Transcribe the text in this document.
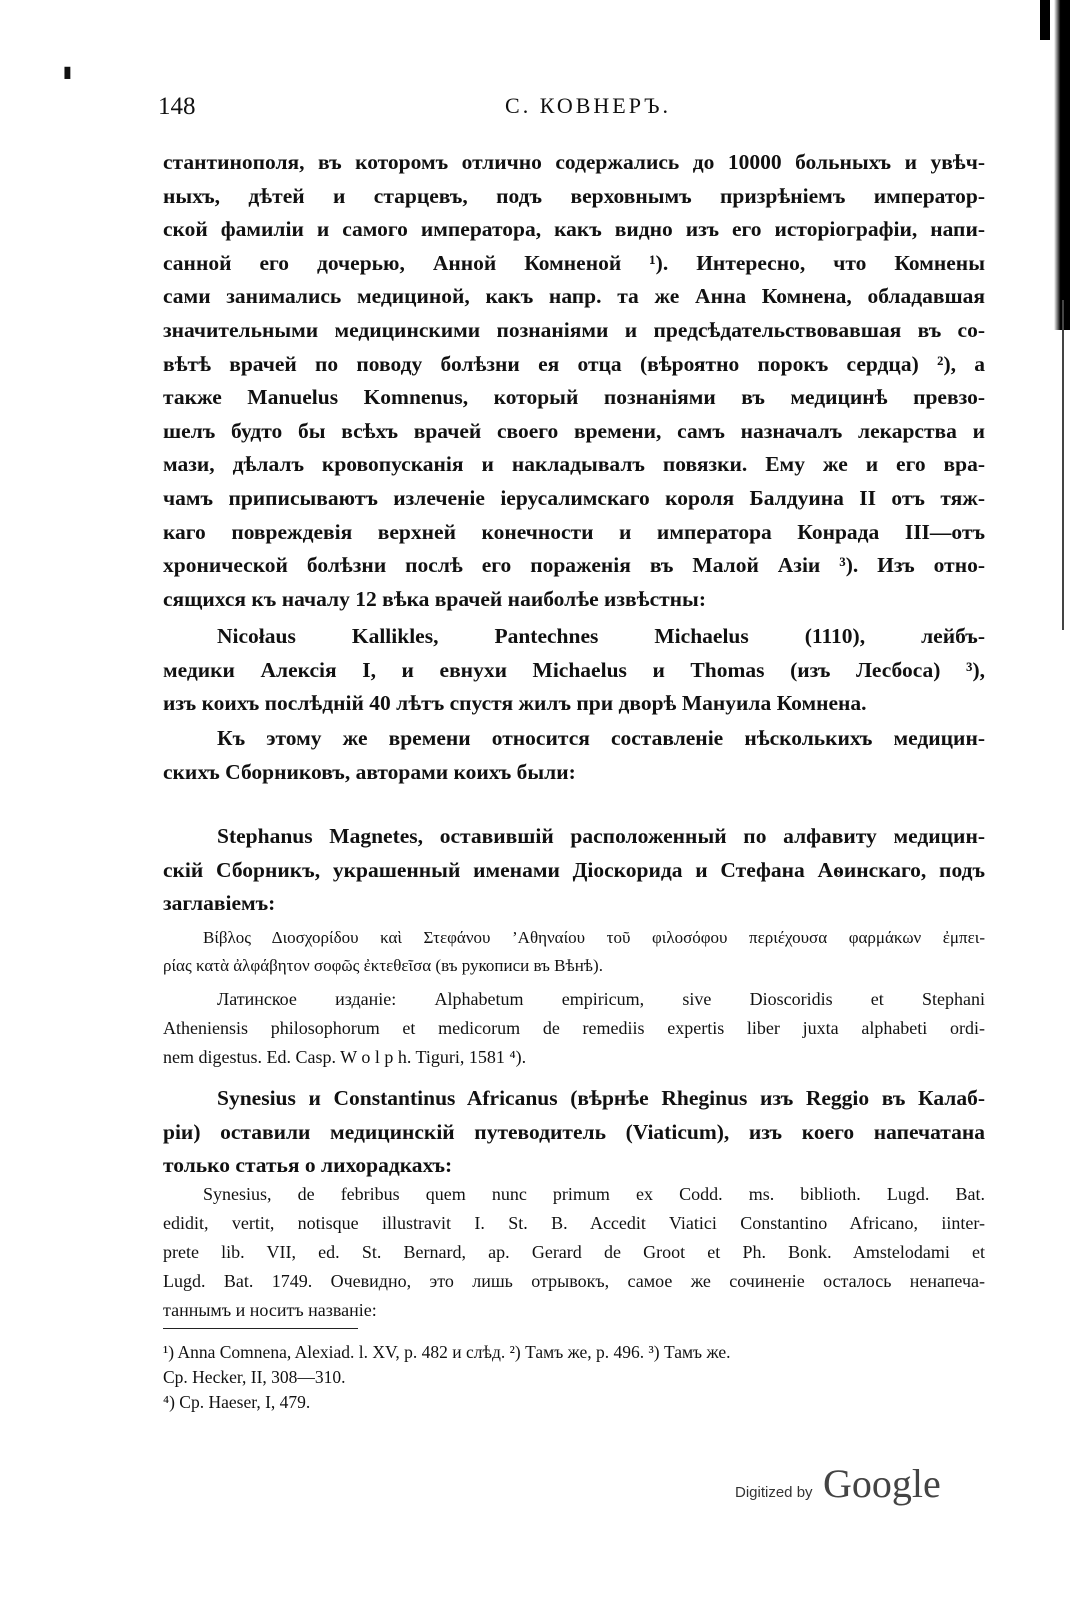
▮
148	С. КОВНЕРЪ.

стантинополя, въ которомъ отлично содержались до 10000 больныхъ и увѣч-

ныхъ, дѣтей и старцевъ, подъ верховнымъ призрѣніемъ император-

ской фамиліи и самого императора, какъ видно изъ его исторіографіи, напи-

санной его дочерью, Анной Комненой ¹). Интересно, что Комнены

сами занимались медициной, какъ напр. та же Анна Комнена, обладавшая

значительными медицинскими познаніями и предсѣдательствовавшая въ со-

вѣтѣ врачей по поводу болѣзни ея отца (вѣроятно порокъ сердца) ²), а

также Manuelus Komnenus, который познаніями въ медицинѣ превзо-

шелъ будто бы всѣхъ врачей своего времени, самъ назначалъ лекарства и

мази, дѣлалъ кровопусканія и накладывалъ повязки. Ему же и его вра-

чамъ приписываютъ излеченіе іерусалимскаго короля Балдуина II отъ тяж-

каго повреждевія верхней конечности и императора Конрада III—отъ

хронической болѣзни послѣ его пораженія въ Малой Азіи ³). Изъ отно-

сящихся къ началу 12 вѣка врачей наиболѣе извѣстны:

Nicołaus Kallikles, Pantechnes Michaelus (1110), лейбъ-

медики Алексія I, и евнухи Michaelus и Thomas (изъ Лесбоса) ³),

изъ коихъ послѣдній 40 лѣтъ спустя жилъ при дворѣ Мануила Комнена.

Къ этому же времени относится составленіе нѣсколькихъ медицин-

скихъ Сборниковъ, авторами коихъ были:

Stephanus Magnetes, оставившій расположенный по алфавиту медицин-

скій Сборникъ, украшенный именами Діоскорида и Стефана Аѳинскаго, подъ

заглавіемъ:

Βίβλος Διοσχορίδου καὶ Στεφάνου ’Αθηναίου τοῦ φιλοσόφου περιέχουσα φαρμάκων ἐμπει-

ρίας κατὰ ἀλφάβητον σοφῶς ἐκτεθεῖσα (въ рукописи въ Вѣнѣ).

Латинское изданіе: Alphabetum empiricum, sive Dioscoridis et Stephani

Atheniensis philosophorum et medicorum de remediis expertis liber juxta alphabeti ordi-

nem digestus. Ed. Casp. W o l p h. Tiguri, 1581 ⁴).

Synesius и Constantinus Africanus (вѣрнѣе Rheginus изъ Reggio въ Калаб-

ріи) оставили медицинскій путеводитель (Viaticum), изъ коего напечатана

только статья о лихорадкахъ:

Synesius, de febribus quem nunc primum ex Codd. ms. biblioth. Lugd. Bat.

edidit, vertit, notisque illustravit I. St. B. Accedit Viatici Constantino Africano, iinter-

prete lib. VII, ed. St. Bernard, ap. Gerard de Groot et Ph. Bonk. Amstelodami et

Lugd. Bat. 1749. Очевидно, это лишь отрывокъ, самое же сочиненіе осталось ненапеча-

таннымъ и носитъ названіе:

¹) Anna Comnena, Alexiad. l. XV, p. 482 и слѣд. ²) Тамъ же, р. 496. ³) Тамъ же.
Ср. Hecker, II, 308—310.
⁴) Ср. Haeser, I, 479.
Digitized by Google
